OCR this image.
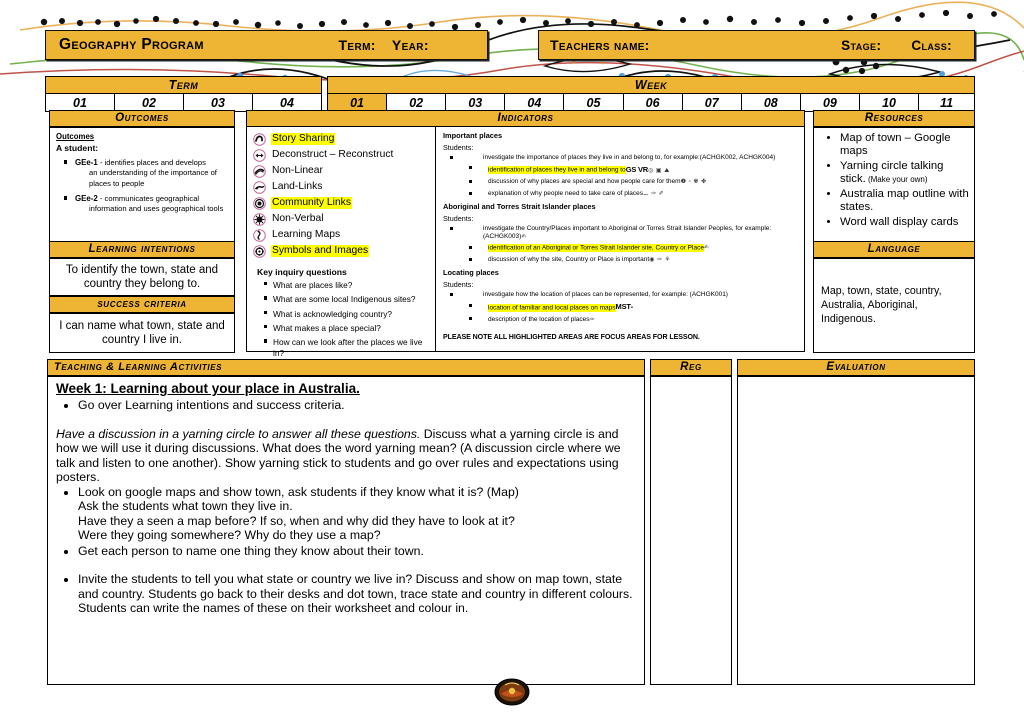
Geography Program	Term:	Year:	Teachers name:	Stage:	Class:
Term
01	02	03	04
Week
01	02	03	04	05	06	07	08	09	10	11
Outcomes
Outcomes
A student:
GEe-1 - identifies places and develops
an understanding of the importance of places to people
GEe-2 - communicates geographical
information and uses geographical tools
Learning intentions
To identify the town, state and country they belong to.
success criteria
I can name what town, state and country I live in.
Indicators
Important places
Students:
investigate the importance of places they live in and belong to, for example:(ACHGK002, ACHGK004)
identification of places they live in and belong toGS VR◎ ▣ ⛰
discussion of why places are special and how people care for them❶ ▫ ✾ ✤
explanation of why people need to take care of places⚊ ✑ ✐
Aboriginal and Torres Strait Islander places
Students:
investigate the Country/Places important to Aboriginal or Torres Strait Islander Peoples, for example:(ACHGK003)✍
identification of an Aboriginal or Torres Strait Islander site, Country or Place✍
discussion of why the site, Country or Place is important◉ ✑ ⚘
Locating places
Students:
investigate how the location of places can be represented, for example: (ACHGK001)
location of familiar and local places on mapsMST▪
description of the location of places✑
PLEASE NOTE ALL HIGHLIGHTED AREAS ARE FOCUS AREAS FOR LESSON.
Story Sharing
Deconstruct – Reconstruct
Non-Linear
Land-Links
Community Links
Non-Verbal
Learning Maps
Symbols and Images
Key inquiry questions
What are places like?
What are some local Indigenous sites?
What is acknowledging country?
What makes a place special?
How can we look after the places we live in?
Resources
• Map of town – Google maps
• Yarning circle talking stick. (Make your own)
• Australia map outline with states.
• Word wall display cards
Language
Map, town, state, country, Australia, Aboriginal, Indigenous.
Teaching & Learning Activities
Week 1: Learning about your place in Australia.
• Go over Learning intentions and success criteria.

Have a discussion in a yarning circle to answer all these questions. Discuss what a yarning circle is and how we will use it during discussions. What does the word yarning mean? (A discussion circle where we talk and listen to one another). Show yarning stick to students and go over rules and expectations using posters.

• Look on google maps and show town, ask students if they know what it is? (Map)
Ask the students what town they live in.
Have they a seen a map before? If so, when and why did they have to look at it?
Were they going somewhere? Why do they use a map?
• Get each person to name one thing they know about their town.
• Invite the students to tell you what state or country we live in? Discuss and show on map town, state and country. Students go back to their desks and dot town, trace state and country in different colours. Students can write the names of these on their worksheet and colour in.
Reg	Evaluation
